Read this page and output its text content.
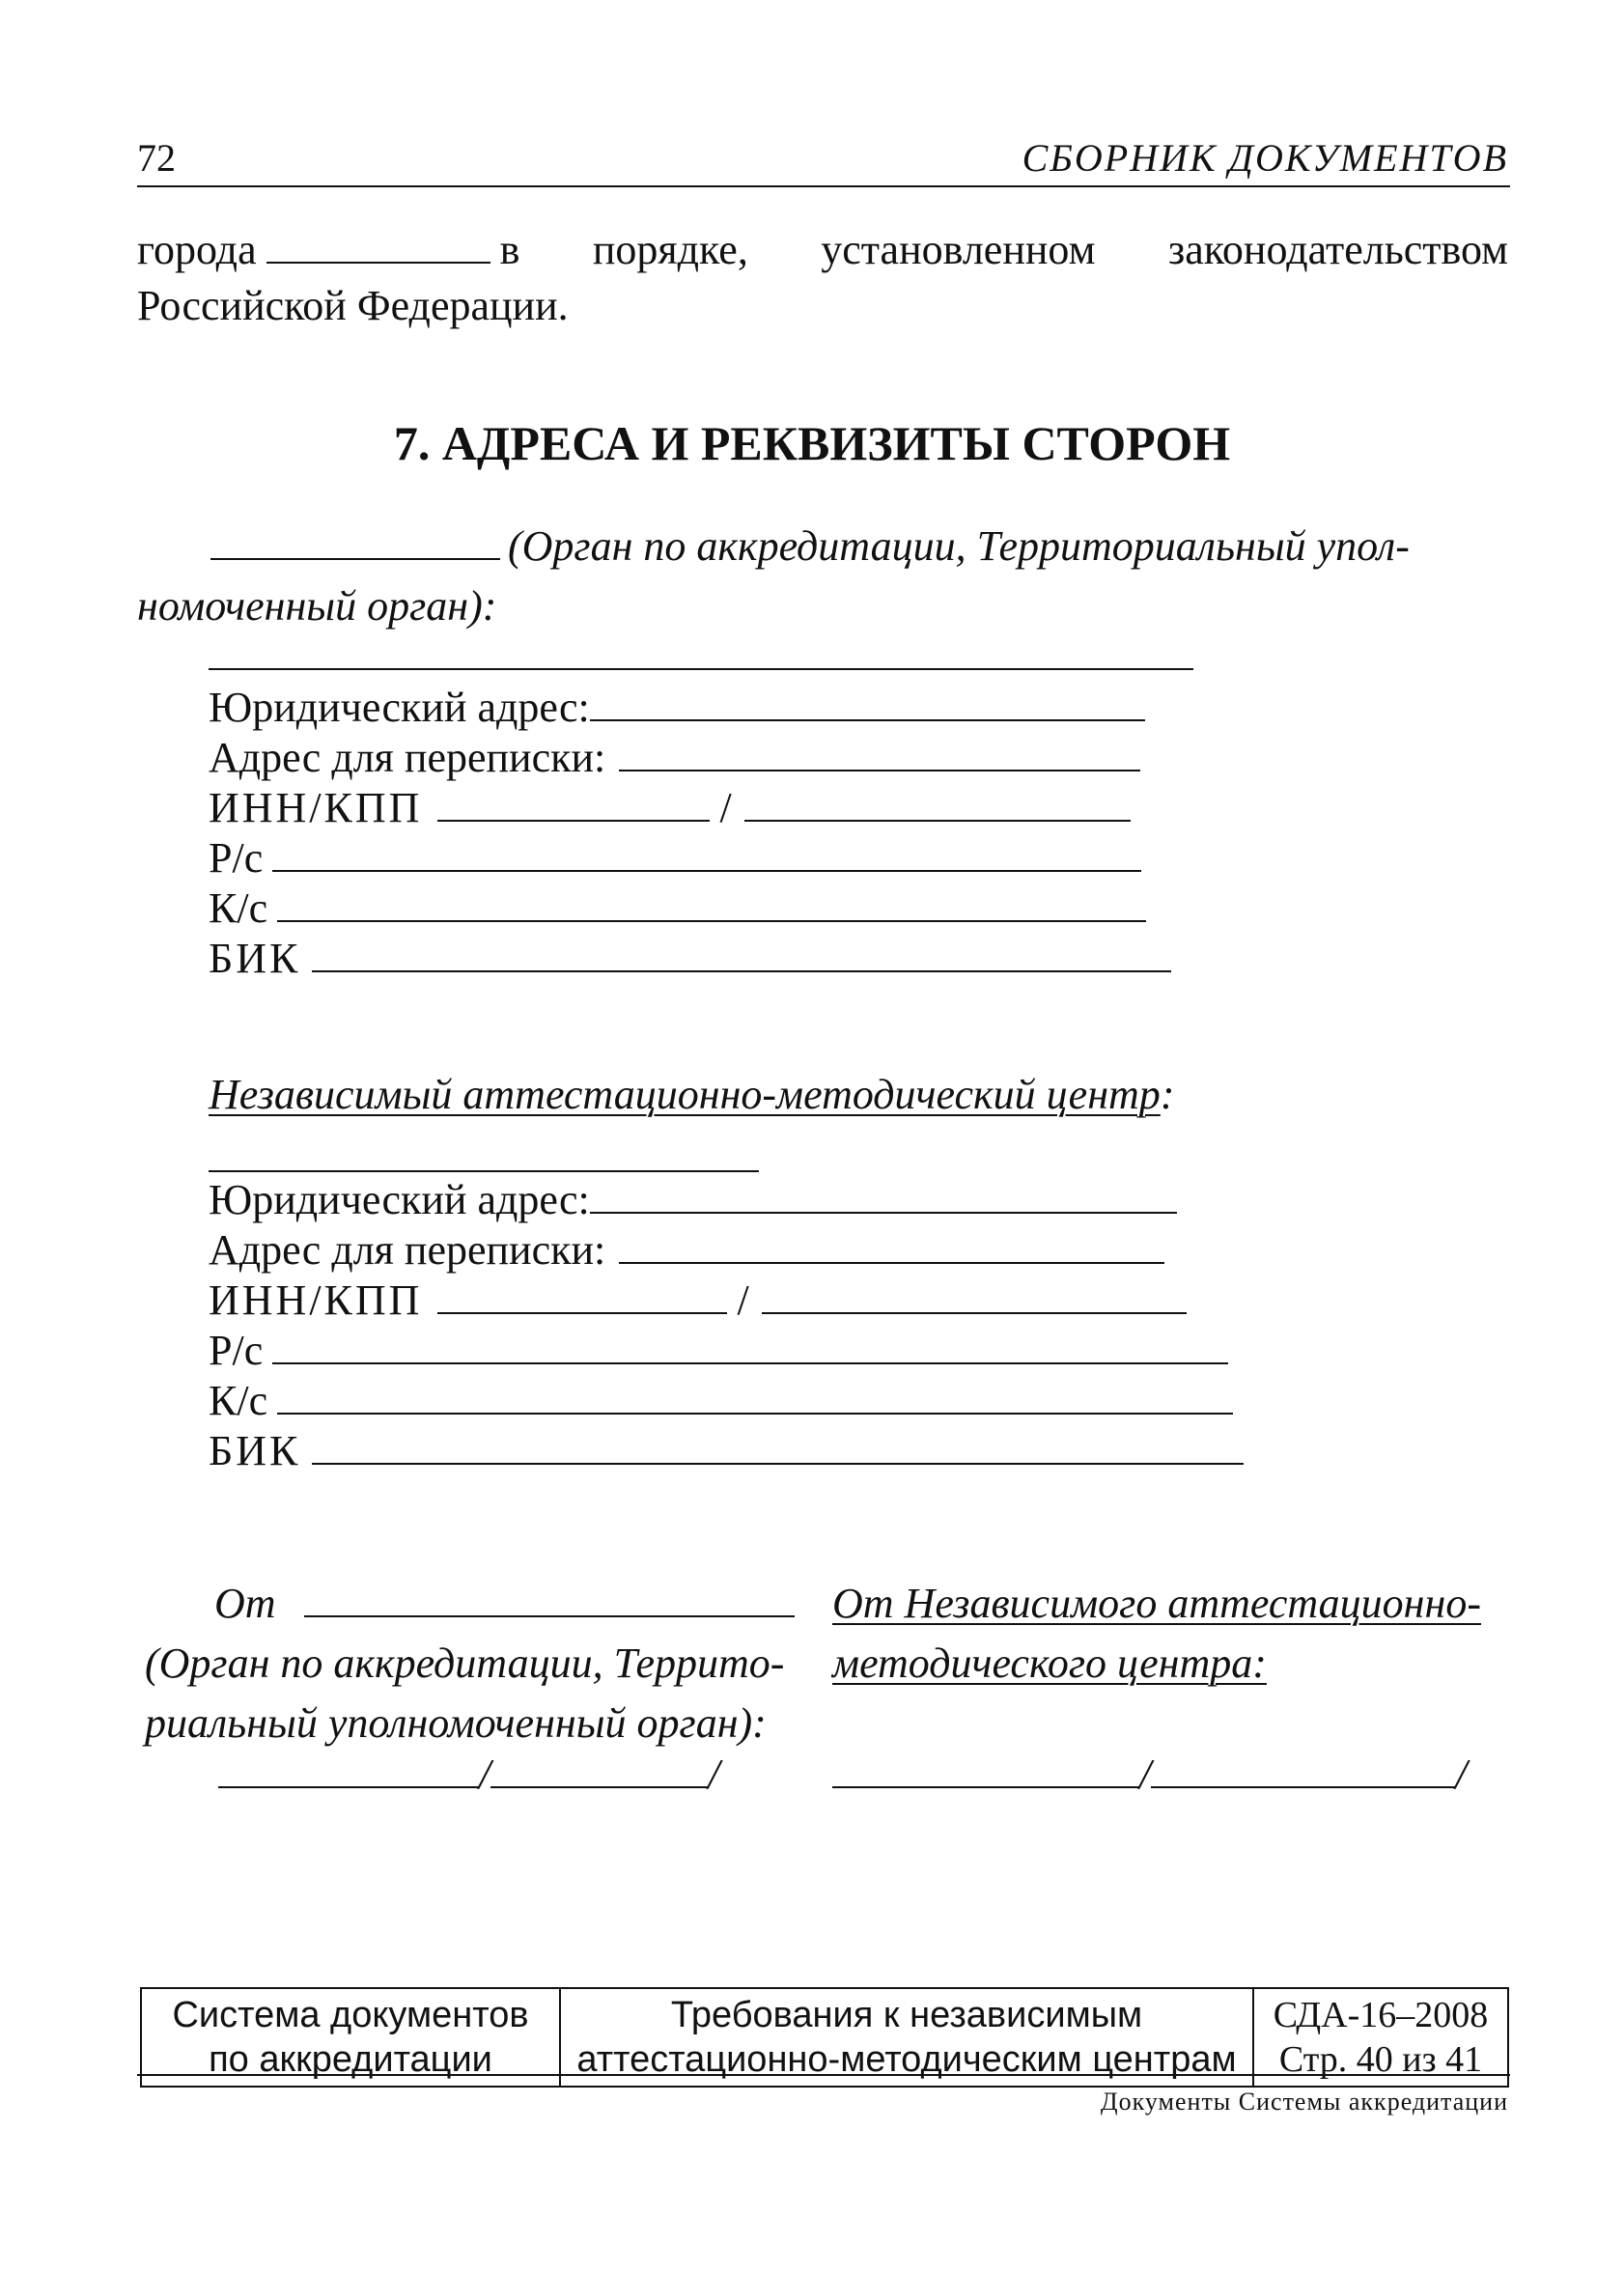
72	СБОРНИК ДОКУМЕНТОВ
города	в порядке, установленном законодательством
Российской Федерации.
7. АДРЕСА И РЕКВИЗИТЫ СТОРОН
(Орган по аккредитации, Территориальный упол-
номоченный орган):
Юридический адрес:
Адрес для переписки:
ИНН/КПП	/
Р/с
К/с
БИК
Независимый аттестационно-методический центр:
Юридический адрес:
Адрес для переписки:
ИНН/КПП	/
Р/с
К/с
БИК
От
(Орган по аккредитации, Террито-
риальный уполномоченный орган):
От Независимого аттестационно-
методического центра:
/	/	/	/
Система документов
по аккредитации

Требования к независимым
аттестационно-методическим центрам

СДА-16–2008
Стр. 40 из 41
Документы Системы аккредитации
